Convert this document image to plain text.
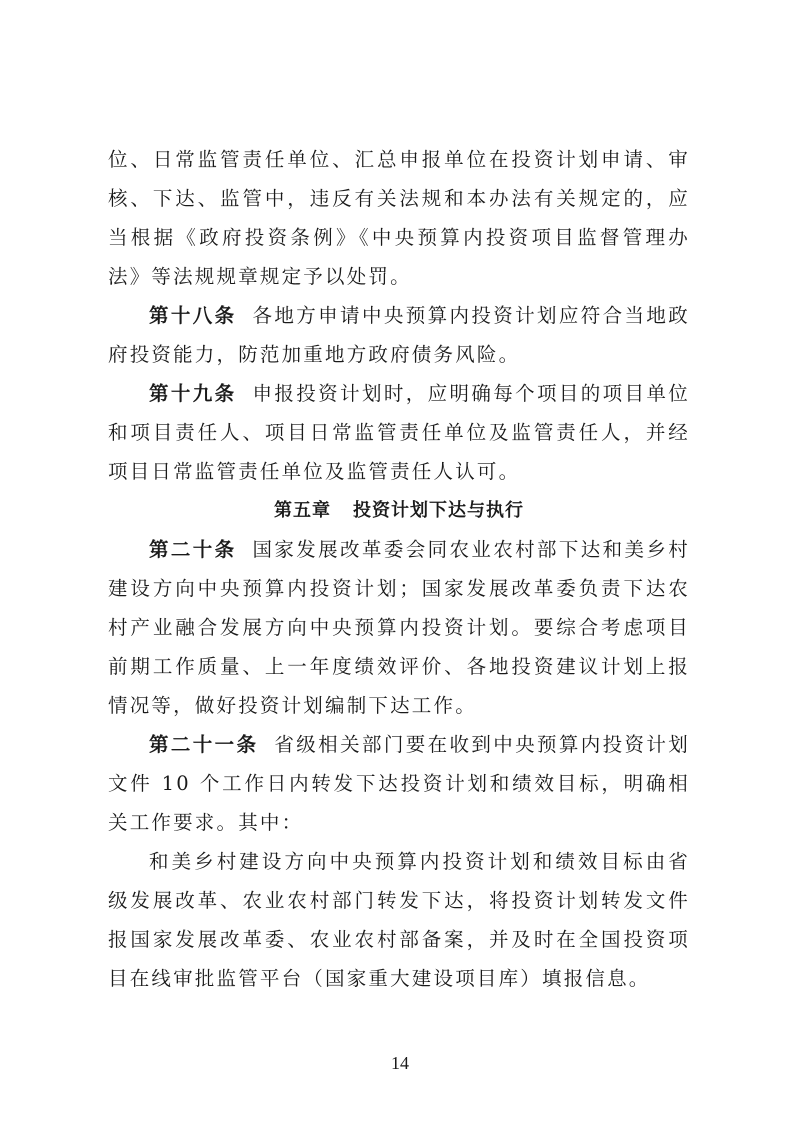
位、日常监管责任单位、汇总申报单位在投资计划申请、审核、下达、监管中，违反有关法规和本办法有关规定的，应当根据《政府投资条例》《中央预算内投资项目监督管理办法》等法规规章规定予以处罚。

第十八条 各地方申请中央预算内投资计划应符合当地政府投资能力，防范加重地方政府债务风险。

第十九条 申报投资计划时，应明确每个项目的项目单位和项目责任人、项目日常监管责任单位及监管责任人，并经项目日常监管责任单位及监管责任人认可。

第五章 投资计划下达与执行

第二十条 国家发展改革委会同农业农村部下达和美乡村建设方向中央预算内投资计划；国家发展改革委负责下达农村产业融合发展方向中央预算内投资计划。要综合考虑项目前期工作质量、上一年度绩效评价、各地投资建议计划上报情况等，做好投资计划编制下达工作。

第二十一条 省级相关部门要在收到中央预算内投资计划文件 10 个工作日内转发下达投资计划和绩效目标，明确相关工作要求。其中：

和美乡村建设方向中央预算内投资计划和绩效目标由省级发展改革、农业农村部门转发下达，将投资计划转发文件报国家发展改革委、农业农村部备案，并及时在全国投资项目在线审批监管平台（国家重大建设项目库）填报信息。

14
